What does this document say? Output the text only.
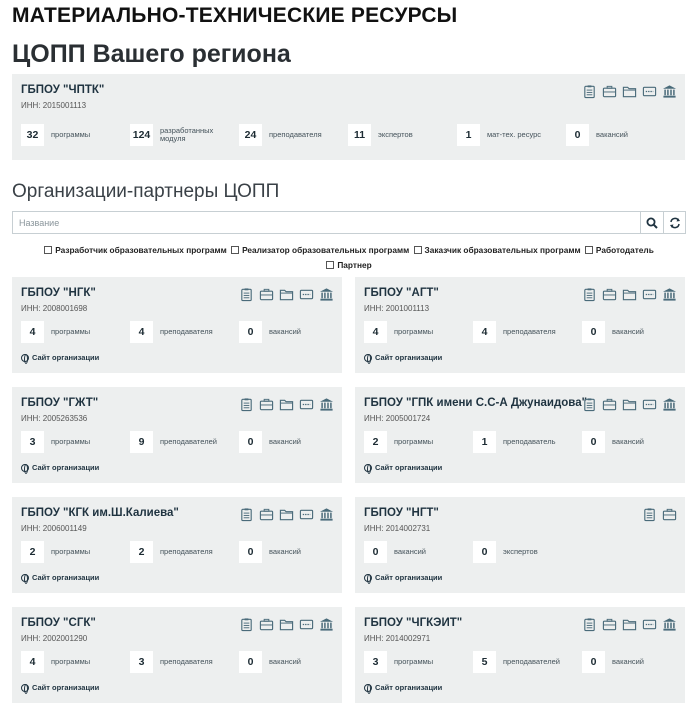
МАТЕРИАЛЬНО-ТЕХНИЧЕСКИЕ РЕСУРСЫ
ЦОПП Вашего региона
ГБПОУ "ЧПТК"
ИНН: 2015001113
32	программы	124	разработанных модуля	24	преподавателя	11	экспертов	1	мат-тех. ресурс	0	вакансий
Организации-партнеры ЦОПП
Название
Разработчик образовательных программ
Реализатор образовательных программ
Заказчик образовательных программ
Работодатель

Партнер
ГБПОУ "НГК"
ИНН: 2008001698
4	программы	4	преподавателя	0	вакансий
Сайт организации
ГБПОУ "АГТ"
ИНН: 2001001113
4	программы	4	преподавателя	0	вакансий
Сайт организации
ГБПОУ "ГЖТ"
ИНН: 2005263536
3	программы	9	преподавателей	0	вакансий
Сайт организации
ГБПОУ "ГПК имени С.С-А Джунаидова"
ИНН: 2005001724
2	программы	1	преподаватель	0	вакансий
Сайт организации
ГБПОУ "КГК им.Ш.Калиева"
ИНН: 2006001149
2	программы	2	преподавателя	0	вакансий
Сайт организации
ГБПОУ "НГТ"
ИНН: 2014002731
0	вакансий	0	экспертов
Сайт организации
ГБПОУ "СГК"
ИНН: 2002001290
4	программы	3	преподавателя	0	вакансий
Сайт организации
ГБПОУ "ЧГКЭИТ"
ИНН: 2014002971
3	программы	5	преподавателей	0	вакансий
Сайт организации
